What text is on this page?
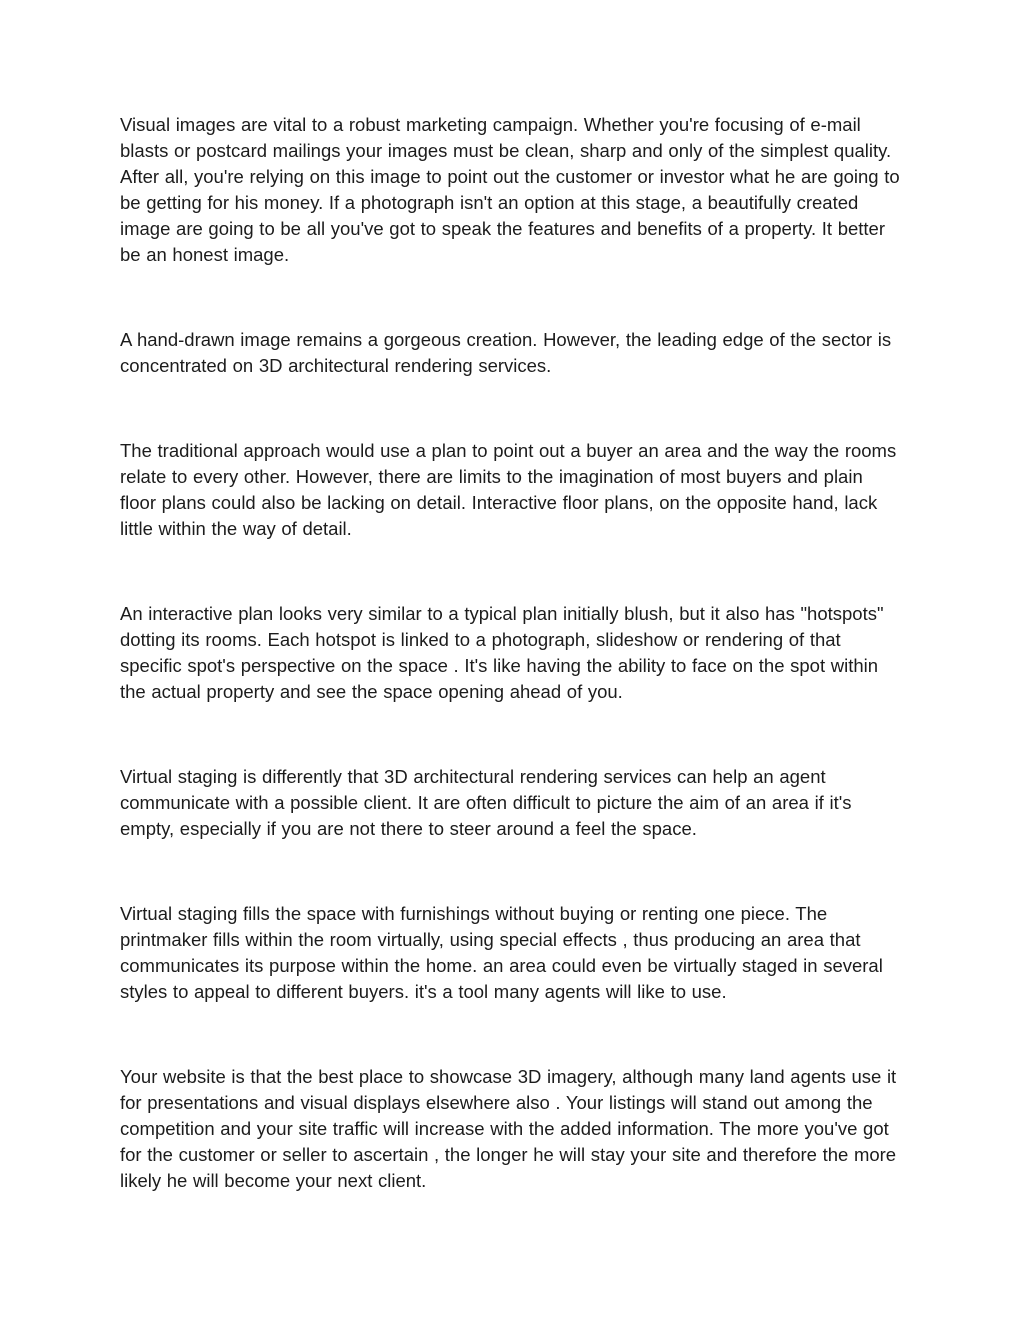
Visual images are vital to a robust marketing campaign. Whether you're focusing of e-mail blasts or postcard mailings your images must be clean, sharp and only of the simplest quality. After all, you're relying on this image to point out the customer or investor what he are going to be getting for his money. If a photograph isn't an option at this stage, a beautifully created image are going to be all you've got to speak the features and benefits of a property. It better be an honest image.

A hand-drawn image remains a gorgeous creation. However, the leading edge of the sector is concentrated on 3D architectural rendering services.

The traditional approach would use a plan to point out a buyer an area and the way the rooms relate to every other. However, there are limits to the imagination of most buyers and plain floor plans could also be lacking on detail. Interactive floor plans, on the opposite hand, lack little within the way of detail.

An interactive plan looks very similar to a typical plan initially blush, but it also has "hotspots" dotting its rooms. Each hotspot is linked to a photograph, slideshow or rendering of that specific spot's perspective on the space . It's like having the ability to face on the spot within the actual property and see the space opening ahead of you.

Virtual staging is differently that 3D architectural rendering services can help an agent communicate with a possible client. It are often difficult to picture the aim of an area if it's empty, especially if you are not there to steer around a feel the space.

Virtual staging fills the space with furnishings without buying or renting one piece. The printmaker fills within the room virtually, using special effects , thus producing an area that communicates its purpose within the home. an area could even be virtually staged in several styles to appeal to different buyers. it's a tool many agents will like to use.

Your website is that the best place to showcase 3D imagery, although many land agents use it for presentations and visual displays elsewhere also . Your listings will stand out among the competition and your site traffic will increase with the added information. The more you've got for the customer or seller to ascertain , the longer he will stay your site and therefore the more likely he will become your next client.
